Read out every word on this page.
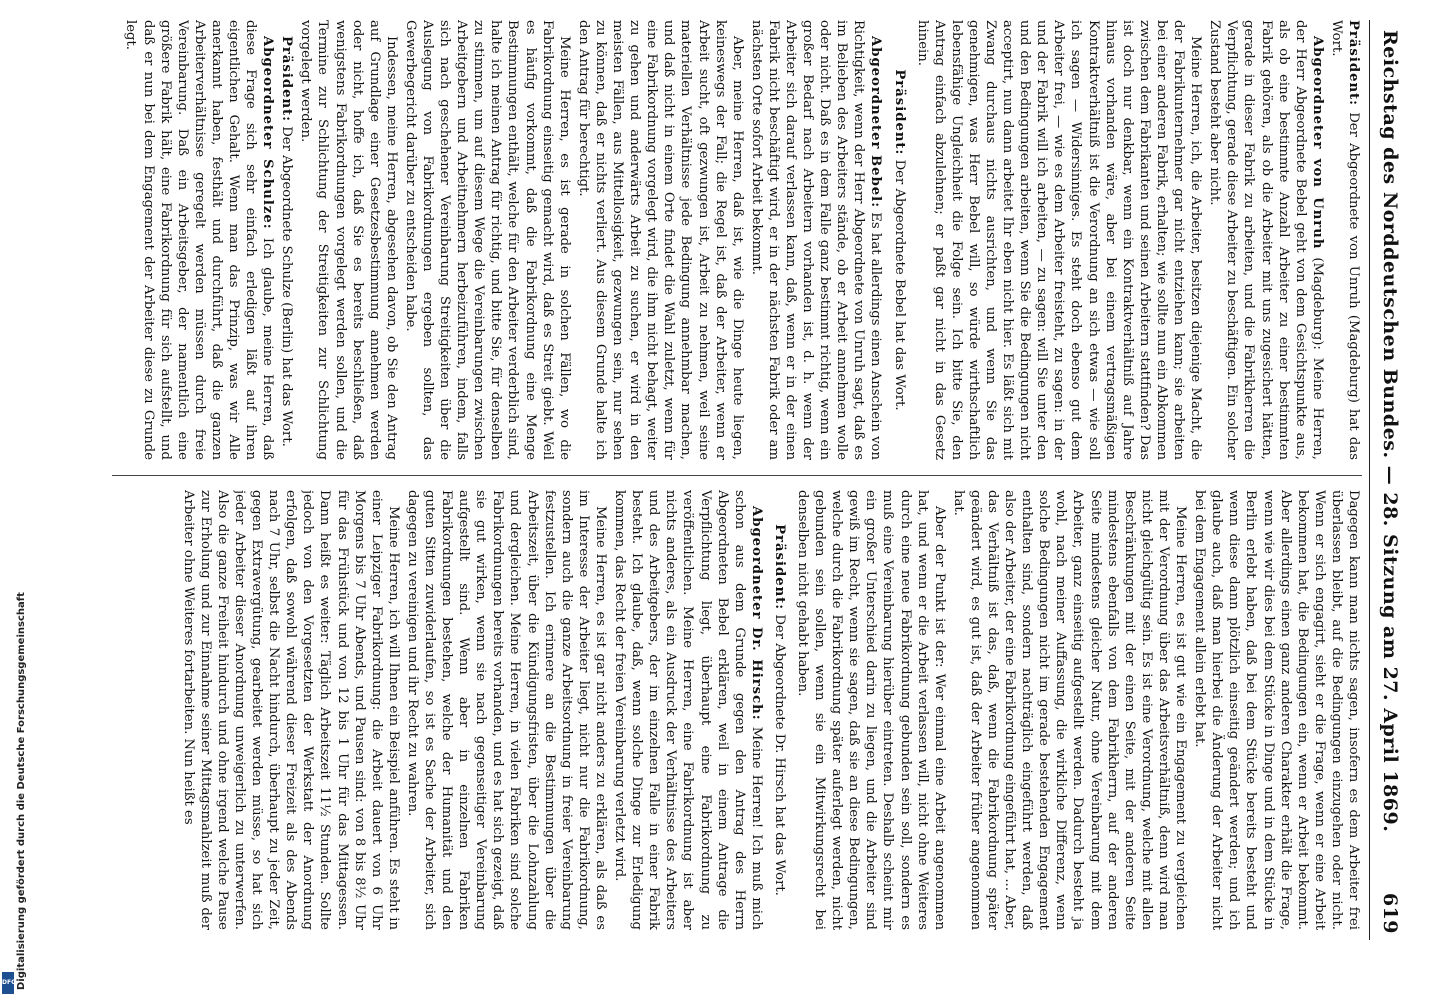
Reichstag des Norddeutschen Bundes. — 28. Sitzung am 27. April 1869.
619

Präsident: Der Abgeordnete von Unruh (Magdeburg) hat das Wort.

Abgeordneter von Unruh (Magdeburg): Meine Herren, der Herr Abgeordnete Bebel geht von dem Gesichtspunkte aus, als ob eine bestimmte Anzahl Arbeiter zu einer bestimmten Fabrik gehören, als ob die Arbeiter mit uns zugesichert hätten, gerade in dieser Fabrik zu arbeiten, und die Fabrikherren die Verpflichtung, gerade diese Arbeiter zu beschäftigen. Ein solcher Zustand besteht aber nicht.

Meine Herren, ich, die Arbeiter, besitzen diejenige Macht, die der Fabrikunternehmer gar nicht entziehen kann; sie arbeiten bei einer anderen Fabrik, erhalten; wie sollte nun ein Abkommen zwischen dem Fabrikanten und seinen Arbeitern stattfinden? Das ist doch nur denkbar, wenn ein Kontraktverhältniß auf Jahre hinaus vorhanden wäre, aber bei einem vertragsmäßigen Kontraktverhältniß ist die Verordnung an sich etwas — wie soll ich sagen — Widersinniges. Es steht doch ebenso gut dem Arbeiter frei, — wie es dem Arbeiter freisteht, zu sagen: in der und der Fabrik will ich arbeiten, — zu sagen: will Sie unter den und den Bedingungen arbeiten, wenn Sie die Bedingungen nicht acceptirt, nun dann arbeitet Ihr eben nicht hier. Es läßt sich mit Zwang durchaus nichts ausrichten, und wenn Sie das genehmigen, was Herr Bebel will, so würde wirthschaftlich lebensfähige Ungleichheit die Folge sein. Ich bitte Sie, den Antrag einfach abzulehnen; er paßt gar nicht in das Gesetz hinein.

Präsident: Der Abgeordnete Bebel hat das Wort.

Abgeordneter Bebel: Es hat allerdings einen Anschein von Richtigkeit, wenn der Herr Abgeordnete von Unruh sagt, daß es im Belieben des Arbeiters stände, ob er Arbeit annehmen wolle oder nicht. Daß es in dem Falle ganz bestimmt richtig, wenn ein großer Bedarf nach Arbeitern vorhanden ist, d. h. wenn der Arbeiter sich darauf verlassen kann, daß, wenn er in der einen Fabrik nicht beschäftigt wird, er in der nächsten Fabrik oder am nächsten Orte sofort Arbeit bekommt.

Aber, meine Herren, daß ist, wie die Dinge heute liegen, keineswegs der Fall; die Regel ist, daß der Arbeiter, wenn er Arbeit sucht, oft gezwungen ist, Arbeit zu nehmen, weil seine materiellen Verhältnisse jede Bedingung annehmbar machen, und daß nicht in einem Orte findet die Wahl zuletzt, wenn für eine Fabrikordnung vorgelegt wird, die ihm nicht behagt, weiter zu gehen und anderwärts Arbeit zu suchen, er wird in den meisten Fällen, aus Mittellosigkeit, gezwungen sein, nur sehen zu können, daß er nichts verliert. Aus diesem Grunde halte ich den Antrag für berechtigt.

Meine Herren, es ist gerade in solchen Fällen, wo die Fabrikordnung einseitig gemacht wird, daß es Streit giebt. Weil es häufig vorkommt, daß die Fabrikordnung eine Menge Bestimmungen enthält, welche für den Arbeiter verderblich sind, halte ich meinen Antrag für richtig, und bitte Sie, für denselben zu stimmen, um auf diesem Wege die Vereinbarungen zwischen Arbeitgebern und Arbeitnehmern herbeizuführen, indem, falls sich nach geschehener Vereinbarung Streitigkeiten über die Auslegung von Fabrikordnungen ergeben sollten, das Gewerbegericht darüber zu entscheiden habe.

Indessen, meine Herren, abgesehen davon, ob Sie den Antrag auf Grundlage einer Gesetzesbestimmung annehmen werden oder nicht, hoffe ich, daß Sie es bereits beschließen, daß wenigstens Fabrikordnungen vorgelegt werden sollen, und die Termine zur Schlichtung der Streitigkeiten zur Schlichtung vorgelegt werden.

Präsident: Der Abgeordnete Schulze (Berlin) hat das Wort.

Abgeordneter Schulze: Ich glaube, meine Herren, daß diese Frage sich sehr einfach erledigen läßt auf ihren eigentlichen Gehalt. Wenn man das Prinzip, was wir Alle anerkannt haben, festhält und durchführt, daß die ganzen Arbeiterverhältnisse geregelt werden müssen durch freie Vereinbarung. Daß ein Arbeitsgeber, der namentlich eine größere Fabrik hält, eine Fabrikordnung für sich aufstellt, und daß er nun bei dem Engagement der Arbeiter diese zu Grunde legt.

Dagegen kann man nichts sagen, insofern es dem Arbeiter frei überlassen bleibt, auf die Bedingungen einzugehen oder nicht. Wenn er sich engagirt, sieht er die Frage, wenn er eine Arbeit bekommen hat, die Bedingungen ein, wenn er Arbeit bekommt. Aber allerdings einen ganz anderen Charakter erhält die Frage, wenn wie wir dies bei dem Stücke in Dinge und in dem Stücke in Berlin erlebt haben, daß bei dem Stücke bereits besteht und wenn diese dann plötzlich einseitig geändert werden; und ich glaube auch, daß man hierbei die Änderung der Arbeiter nicht bei dem Engagement allein erlebt hat.

Meine Herren, es ist gut wie ein Engagement zu vergleichen mit der Verordnung über das Arbeitsverhältniß, denn wird man nicht gleichgültig sein. Es ist eine Verordnung, welche mit allen Beschränkungen mit der einen Seite, mit der anderen Seite mindestens ebenfalls von dem Fabrikherrn, auf der anderen Seite mindestens gleicher Natur, ohne Vereinbarung mit dem Arbeiter, ganz einseitig aufgestellt werden. Dadurch besteht ja wohl, nach meiner Auffassung, die wirkliche Differenz, wenn solche Bedingungen nicht im gerade bestehenden Engagement enthalten sind, sondern nachträglich eingeführt werden, daß also der Arbeiter, der eine Fabrikordnung eingeführt hat, ... Aber, das Verhältniß ist das, daß, wenn die Fabrikordnung später geändert wird, es gut ist, daß der Arbeiter früher angenommen hat.

Aber der Punkt ist der: Wer einmal eine Arbeit angenommen hat, und wenn er die Arbeit verlassen will, nicht ohne Weiteres durch eine neue Fabrikordnung gebunden sein soll, sondern es muß eine Vereinbarung hierüber eintreten. Deshalb scheint mir ein großer Unterschied darin zu liegen, und die Arbeiter sind gewiß im Recht, wenn sie sagen, daß sie an diese Bedingungen, welche durch die Fabrikordnung später auferlegt werden, nicht gebunden sein sollen, wenn sie ein Mitwirkungsrecht bei denselben nicht gehabt haben.

Präsident: Der Abgeordnete Dr. Hirsch hat das Wort.

Abgeordneter Dr. Hirsch: Meine Herren! Ich muß mich schon aus dem Grunde gegen den Antrag des Herrn Abgeordneten Bebel erklären, weil in einem Antrage die Verpflichtung liegt, überhaupt eine Fabrikordnung zu veröffentlichen. Meine Herren, eine Fabrikordnung ist aber nichts anderes, als ein Ausdruck der Verhältnisse des Arbeiters und des Arbeitgebers, der im einzelnen Falle in einer Fabrik besteht. Ich glaube, daß, wenn solche Dinge zur Erledigung kommen, das Recht der freien Vereinbarung verletzt wird.

Meine Herren, es ist gar nicht anders zu erklären, als daß es im Interesse der Arbeiter liegt, nicht nur die Fabrikordnung, sondern auch die ganze Arbeitsordnung in freier Vereinbarung festzustellen. Ich erinnere an die Bestimmungen über die Arbeitszeit, über die Kündigungsfristen, über die Lohnzahlung und dergleichen. Meine Herren, in vielen Fabriken sind solche Fabrikordnungen bereits vorhanden, und es hat sich gezeigt, daß sie gut wirken, wenn sie nach gegenseitiger Vereinbarung aufgestellt sind. Wenn aber in einzelnen Fabriken Fabrikordnungen bestehen, welche der Humanität und den guten Sitten zuwiderlaufen, so ist es Sache der Arbeiter, sich dagegen zu vereinigen und ihr Recht zu wahren.

Meine Herren, ich will Ihnen ein Beispiel anführen. Es steht in einer Leipziger Fabrikordnung: die Arbeit dauert von 6 Uhr Morgens bis 7 Uhr Abends, und Pausen sind: von 8 bis 8½ Uhr für das Frühstück und von 12 bis 1 Uhr für das Mittagessen. Dann heißt es weiter: Täglich Arbeitszeit 11½ Stunden. Sollte jedoch von den Vorgesetzten der Werkstatt der Anordnung erfolgen, daß sowohl während dieser Freizeit als des Abends nach 7 Uhr, selbst die Nacht hindurch, überhaupt zu jeder Zeit, gegen Extravergütung, gearbeitet werden müsse, so hat sich jeder Arbeiter dieser Anordnung unweigerlich zu unterwerfen. Also die ganze Freiheit hindurch und ohne irgend welche Pause zur Erholung und zur Einnahme seiner Mittagsmahlzeit muß der Arbeiter ohne Weiteres fortarbeiten. Nun heißt es

Digitalisierung gefördert durch die Deutsche Forschungsgemeinschaft
DFG
